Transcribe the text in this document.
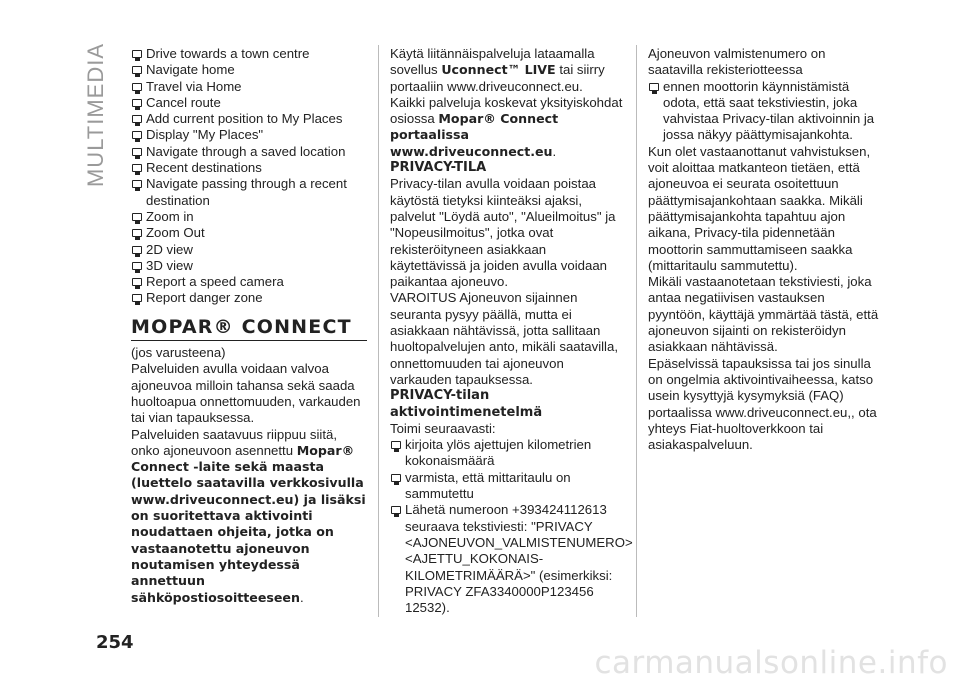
MULTIMEDIA	Drive towards a town centre
Navigate home
Travel via Home
Cancel route
Add current position to My Places
Display "My Places"
Navigate through a saved location
Recent destinations
Navigate passing through a recent destination
Zoom in
Zoom Out
2D view
3D view
Report a speed camera
Report danger zone
MOPAR® CONNECT

(jos varusteena)

Palveluiden avulla voidaan valvoa ajoneuvoa milloin tahansa sekä saada huoltoapua onnettomuuden, varkauden tai vian tapauksessa.

Palveluiden saatavuus riippuu siitä, onko ajoneuvoon asennettu Mopar® Connect -laite sekä maasta (luettelo saatavilla verkkosivulla www.driveuconnect.eu) ja lisäksi on suoritettava aktivointi noudattaen ohjeita, jotka on vastaanotettu ajoneuvon noutamisen yhteydessä annettuun sähköpostiosoitteeseen.

Käytä liitännäispalveluja lataamalla sovellus Uconnect™ LIVE tai siirry portaaliin www.driveuconnect.eu.

Kaikki palveluja koskevat yksityiskohdat osiossa Mopar® Connect portaalissa www.driveuconnect.eu.

PRIVACY-TILA

Privacy-tilan avulla voidaan poistaa käytöstä tietyksi kiinteäksi ajaksi, palvelut "Löydä auto", "Alueilmoitus" ja "Nopeusilmoitus", jotka ovat rekisteröityneen asiakkaan käytettävissä ja joiden avulla voidaan paikantaa ajoneuvo.

VAROITUS Ajoneuvon sijainnen seuranta pysyy päällä, mutta ei asiakkaan nähtävissä, jotta sallitaan huoltopalvelujen anto, mikäli saatavilla, onnettomuuden tai ajoneuvon varkauden tapauksessa.

PRIVACY-tilan aktivointimenetelmä

Toimi seuraavasti:

kirjoita ylös ajettujen kilometrien kokonaismäärä
varmista, että mittaritaulu on sammutettu
Lähetä numeroon +393424112613 seuraava tekstiviesti: "PRIVACY <AJONEUVON_VALMISTENUMERO> <AJETTU_KOKONAIS-KILOMETRIMÄÄRÄ>" (esimerkiksi: PRIVACY ZFA3340000P123456 12532).

Ajoneuvon valmistenumero on saatavilla rekisteriotteessa

ennen moottorin käynnistämistä odota, että saat tekstiviestin, joka vahvistaa Privacy-tilan aktivoinnin ja jossa näkyy päättymisajankohta.

Kun olet vastaanottanut vahvistuksen, voit aloittaa matkanteon tietäen, että ajoneuvoa ei seurata osoitettuun päättymisajankohtaan saakka. Mikäli päättymisajankohta tapahtuu ajon aikana, Privacy-tila pidennetään moottorin sammuttamiseen saakka (mittaritaulu sammutettu).

Mikäli vastaanotetaan tekstiviesti, joka antaa negatiivisen vastauksen pyyntöön, käyttäjä ymmärtää tästä, että ajoneuvon sijainti on rekisteröidyn asiakkaan nähtävissä.

Epäselvissä tapauksissa tai jos sinulla on ongelmia aktivointivaiheessa, katso usein kysyttyjä kysymyksiä (FAQ) portaalissa www.driveuconnect.eu,, ota yhteys Fiat-huoltoverkkoon tai asiakaspalveluun.

254
carmanualsonline.info
